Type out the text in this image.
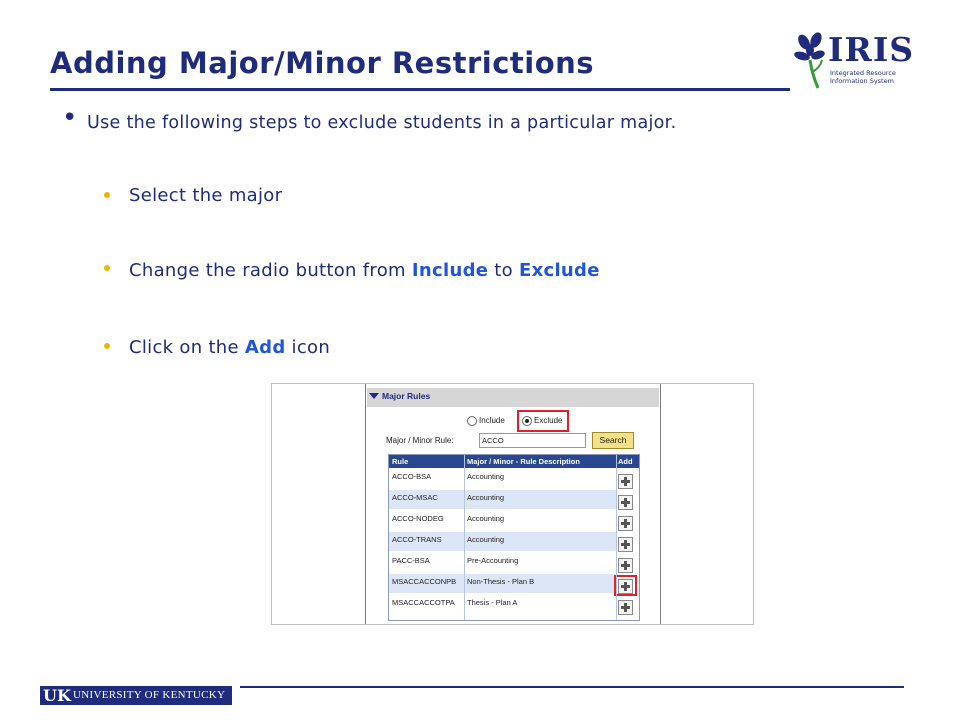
Adding Major/Minor Restrictions	IRIS
Integrated Resource
Information System
• Use the following steps to exclude students in a particular major.
Select the major
Change the radio button from Include to Exclude
Click on the Add icon
Major Rules
Include	Exclude
Major / Minor Rule:	ACCO	Search
Rule	Major / Minor - Rule Description	Add
ACCO-BSA	Accounting
ACCO-MSAC	Accounting
ACCO-NODEG	Accounting
ACCO-TRANS	Accounting
PACC-BSA	Pre-Accounting
MSACCACCONPB Non-Thesis - Plan B
MSACCACCOTPA Thesis - Plan A
UK UNIVERSITY OF KENTUCKY
